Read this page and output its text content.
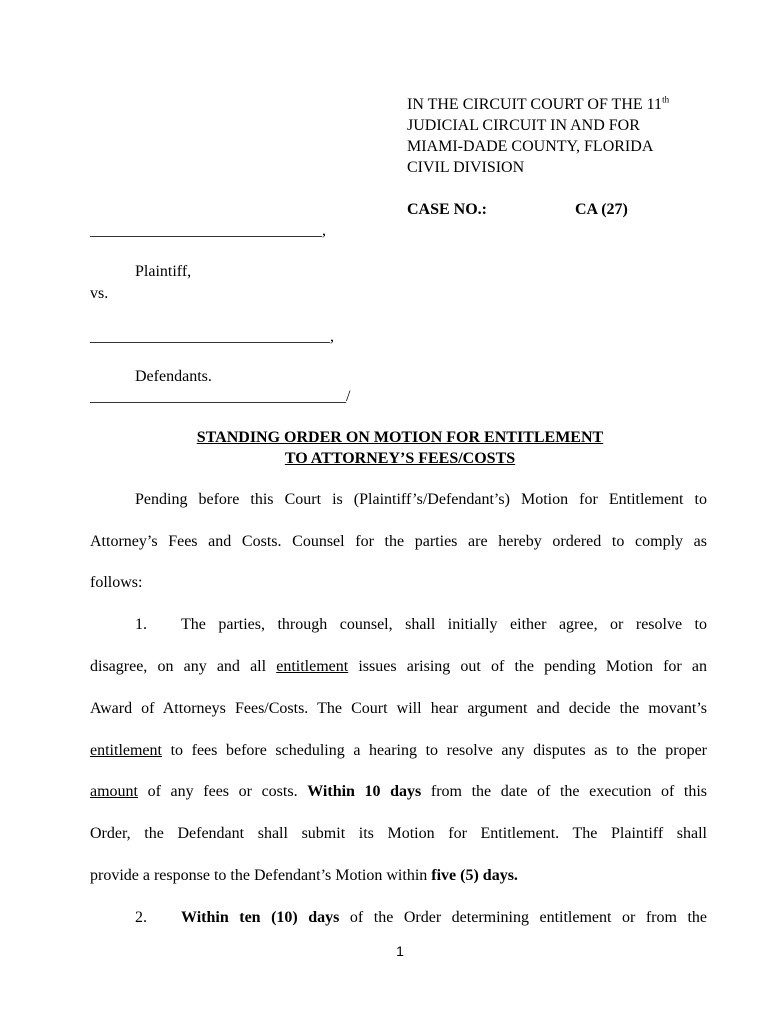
IN THE CIRCUIT COURT OF THE 11th
JUDICIAL CIRCUIT IN AND FOR
MIAMI-DADE COUNTY, FLORIDA
CIVIL DIVISION
CASE NO.:	CA (27)
_____________________________,
Plaintiff,
vs.
______________________________,
Defendants.
________________________________/
STANDING ORDER ON MOTION FOR ENTITLEMENT
TO ATTORNEY’S FEES/COSTS
Pending before this Court is (Plaintiff’s/Defendant’s) Motion for Entitlement to
Attorney’s Fees and Costs. Counsel for the parties are hereby ordered to comply as
follows:
1. The parties, through counsel, shall initially either agree, or resolve to
disagree, on any and all entitlement issues arising out of the pending Motion for an
Award of Attorneys Fees/Costs. The Court will hear argument and decide the movant’s
entitlement to fees before scheduling a hearing to resolve any disputes as to the proper
amount of any fees or costs. Within 10 days from the date of the execution of this
Order, the Defendant shall submit its Motion for Entitlement. The Plaintiff shall
provide a response to the Defendant’s Motion within five (5) days.
2. Within ten (10) days of the Order determining entitlement or from the
1
